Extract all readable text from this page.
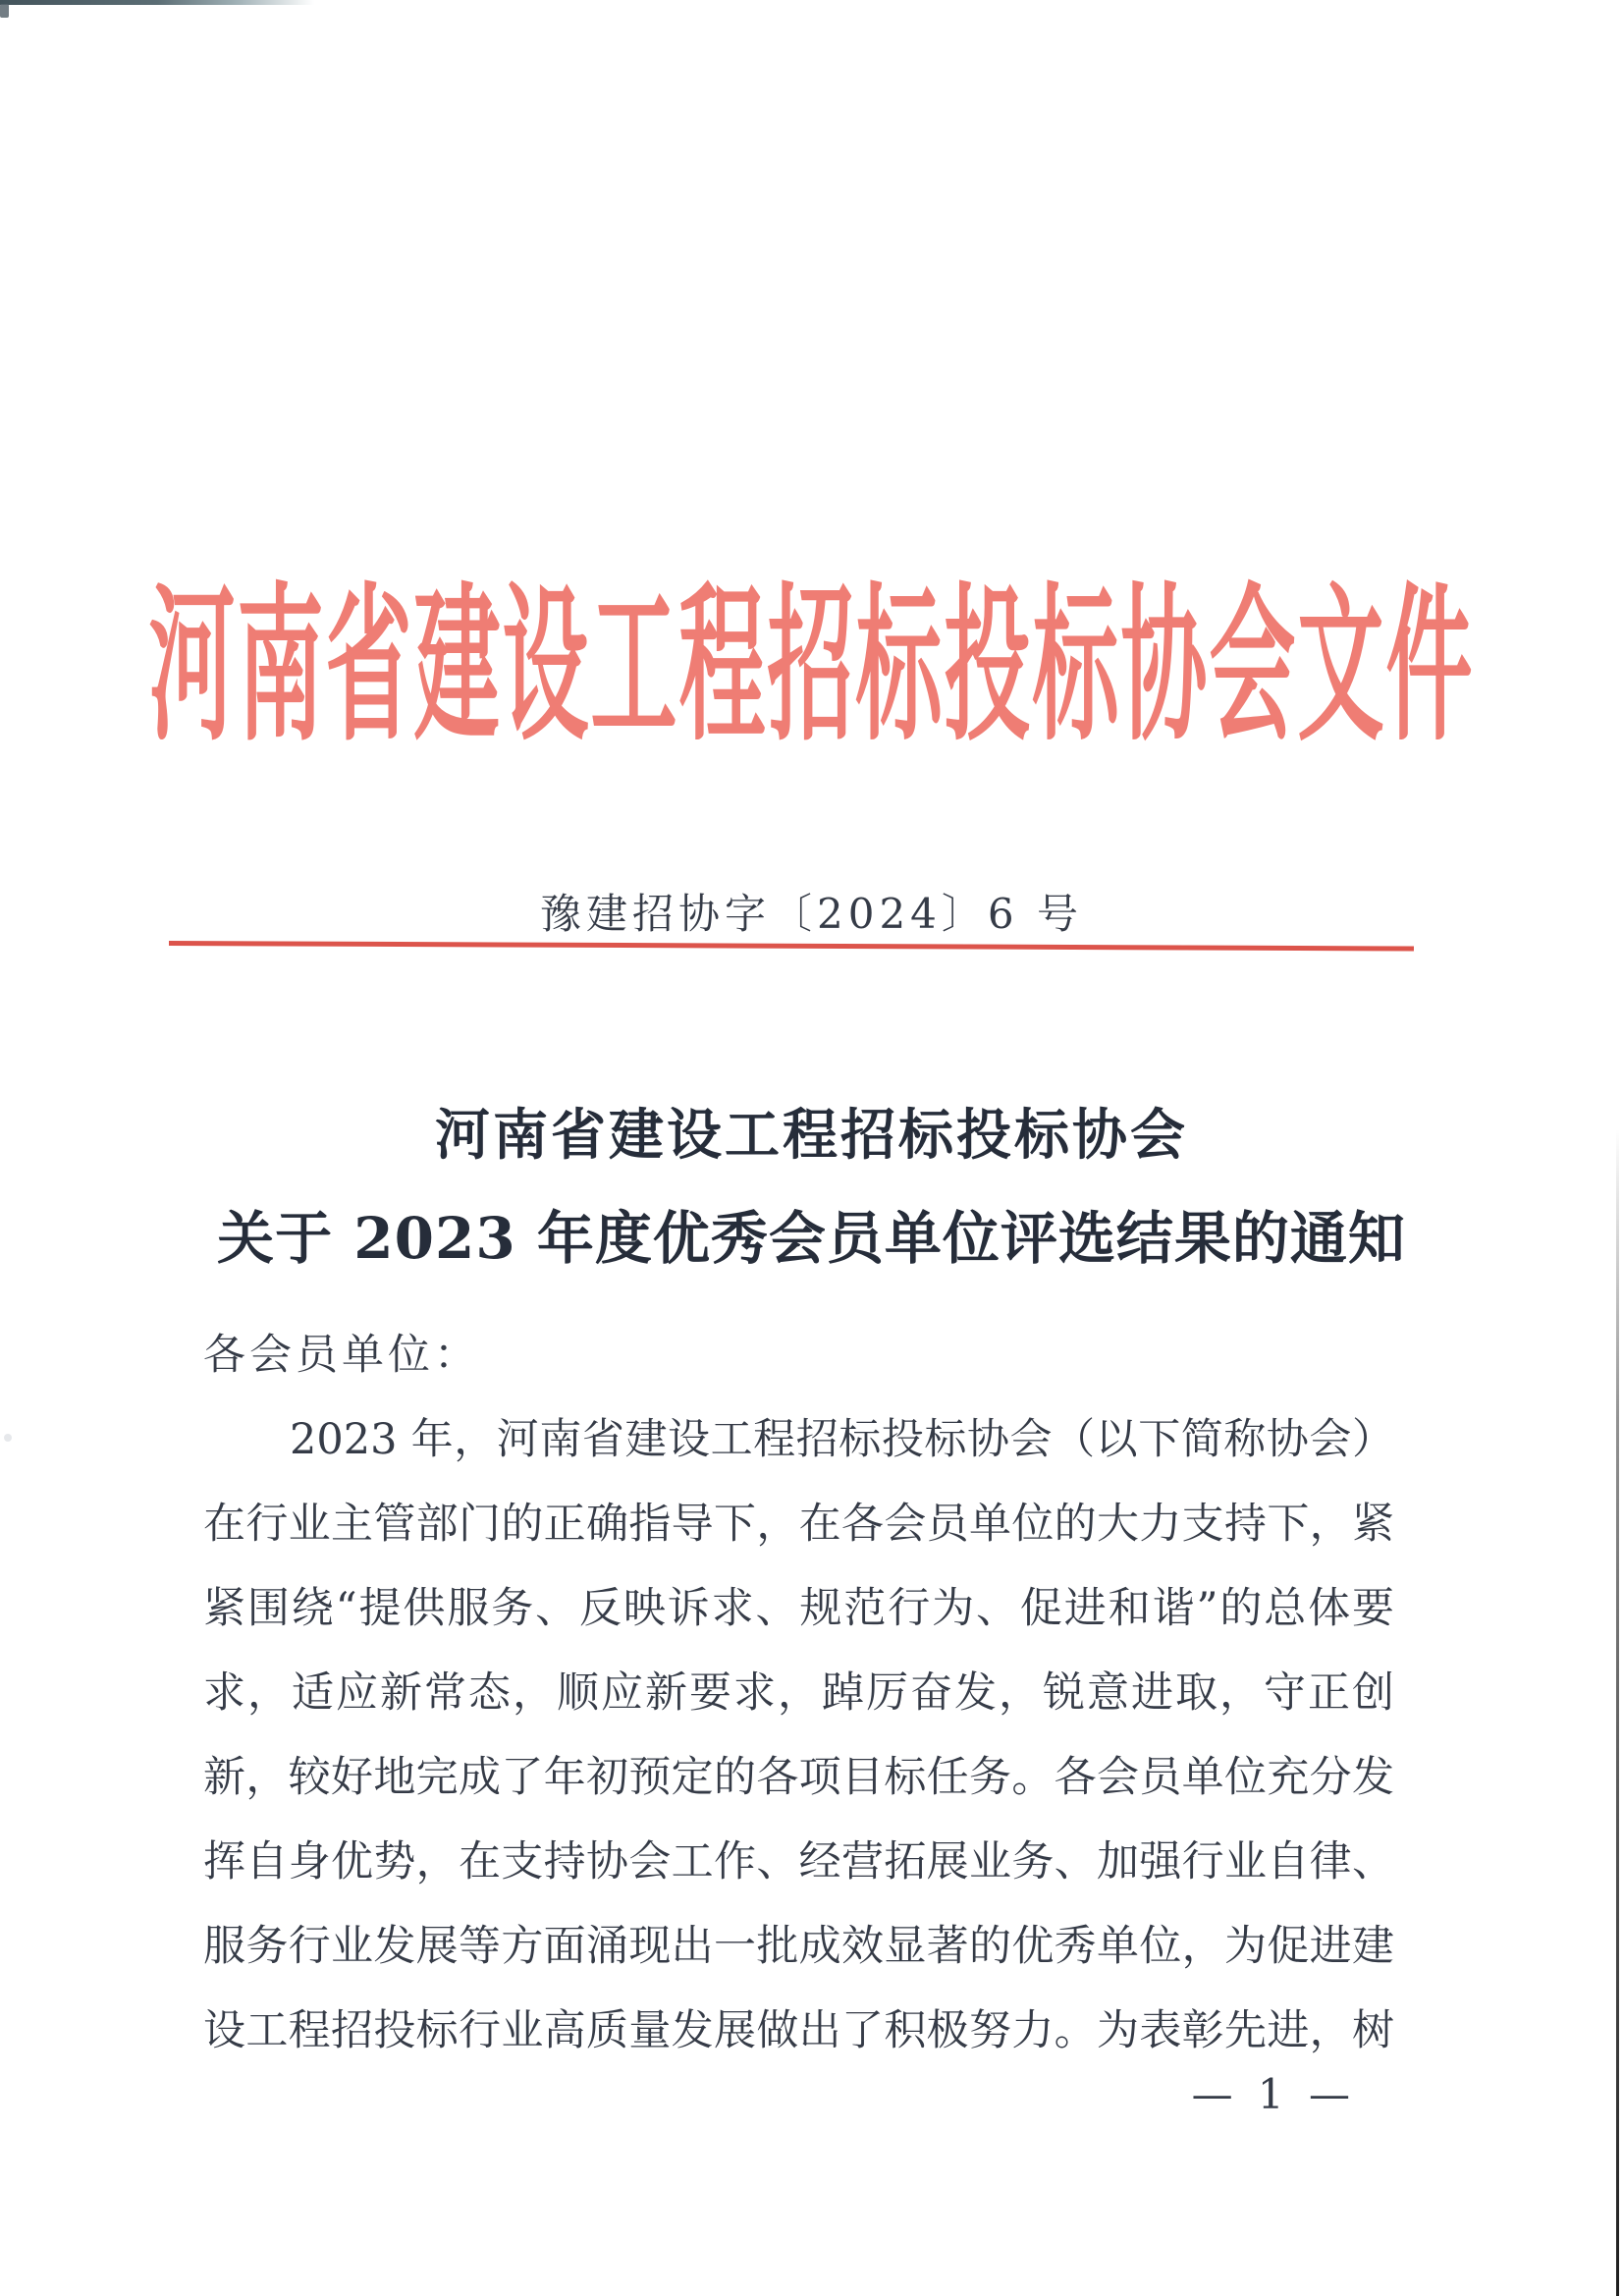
河南省建设工程招标投标协会文件
豫建招协字〔2024〕6 号
河南省建设工程招标投标协会
关于 2023 年度优秀会员单位评选结果的通知
各会员单位：
2023 年，河南省建设工程招标投标协会（以下简称协会）
在行业主管部门的正确指导下，在各会员单位的大力支持下，紧
紧围绕“提供服务、反映诉求、规范行为、促进和谐”的总体要
求，适应新常态，顺应新要求，踔厉奋发，锐意进取，守正创
新，较好地完成了年初预定的各项目标任务。各会员单位充分发
挥自身优势，在支持协会工作、经营拓展业务、加强行业自律、
服务行业发展等方面涌现出一批成效显著的优秀单位，为促进建
设工程招投标行业高质量发展做出了积极努力。为表彰先进，树
— 1 —
